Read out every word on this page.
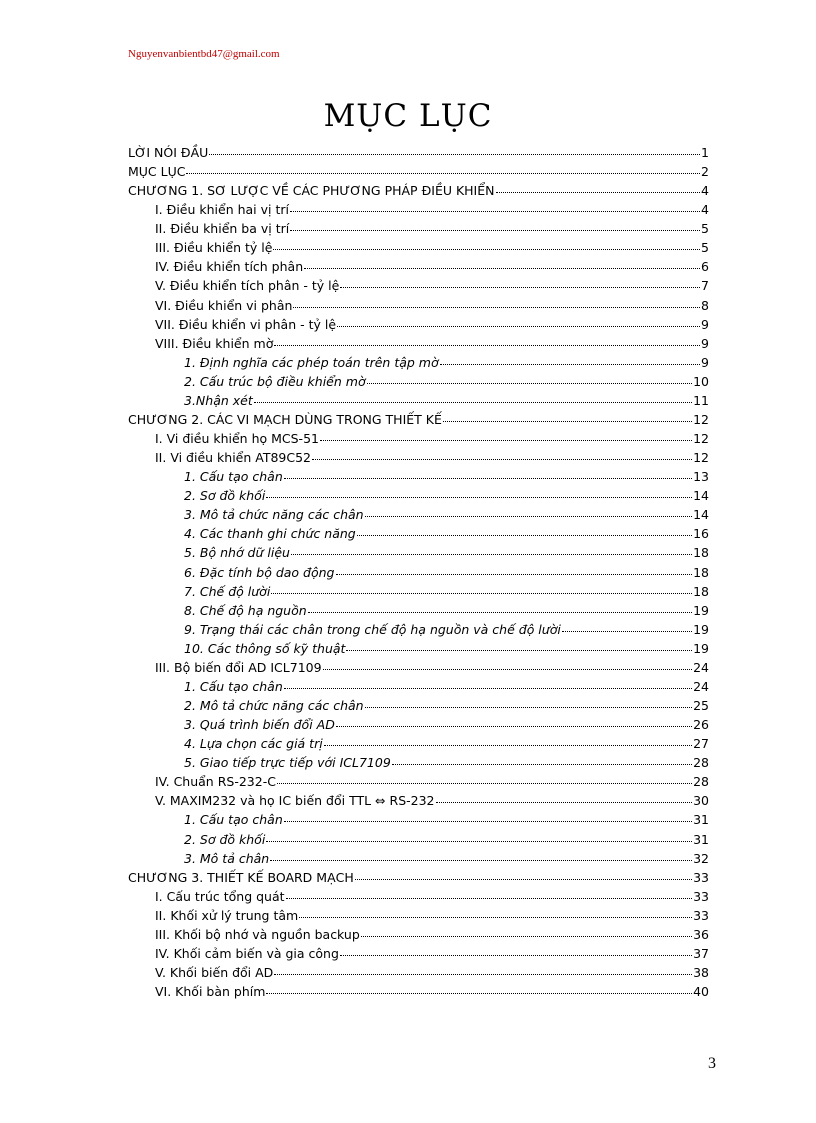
Nguyenvanbientbd47@gmail.com
MỤC LỤC
LỜI NÓI ĐẦU	1
MỤC LỤC	2
CHƯƠNG 1. SƠ LƯỢC VỀ CÁC PHƯƠNG PHÁP ĐIỀU KHIỂN	4
I. Điều khiển hai vị trí	4
II. Điều khiển ba vị trí	5
III. Điều khiển tỷ lệ	5
IV. Điều khiển tích phân	6
V. Điều khiển tích phân - tỷ lệ	7
VI. Điều khiển vi phân	8
VII. Điều khiển vi phân - tỷ lệ	9
VIII. Điều khiển mờ	9
1. Định nghĩa các phép toán trên tập mờ	9
2. Cấu trúc bộ điều khiển mờ	10
3.Nhận xét	11
CHƯƠNG 2. CÁC VI MẠCH DÙNG TRONG THIẾT KẾ	12
I. Vi điều khiển họ MCS-51	12
II. Vi điều khiển AT89C52	12
1. Cấu tạo chân	13
2. Sơ đồ khối	14
3. Mô tả chức năng các chân	14
4. Các thanh ghi chức năng	16
5. Bộ nhớ dữ liệu	18
6. Đặc tính bộ dao động	18
7. Chế độ lười	18
8. Chế độ hạ nguồn	19
9. Trạng thái các chân trong chế độ hạ nguồn và chế độ lười	19
10. Các thông số kỹ thuật	19
III. Bộ biến đổi AD ICL7109	24
1. Cấu tạo chân	24
2. Mô tả chức năng các chân	25
3. Quá trình biến đổi AD	26
4. Lựa chọn các giá trị	27
5. Giao tiếp trực tiếp với ICL7109	28
IV. Chuẩn RS-232-C	28
V. MAXIM232 và họ IC biến đổi TTL ⇔ RS-232	30
1. Cấu tạo chân	31
2. Sơ đồ khối	31
3. Mô tả chân	32
CHƯƠNG 3. THIẾT KẾ BOARD MẠCH	33
I. Cấu trúc tổng quát	33
II. Khối xử lý trung tâm	33
III. Khối bộ nhớ và nguồn backup	36
IV. Khối cảm biến và gia công	37
V. Khối biến đổi AD	38
VI. Khối bàn phím	40
3
